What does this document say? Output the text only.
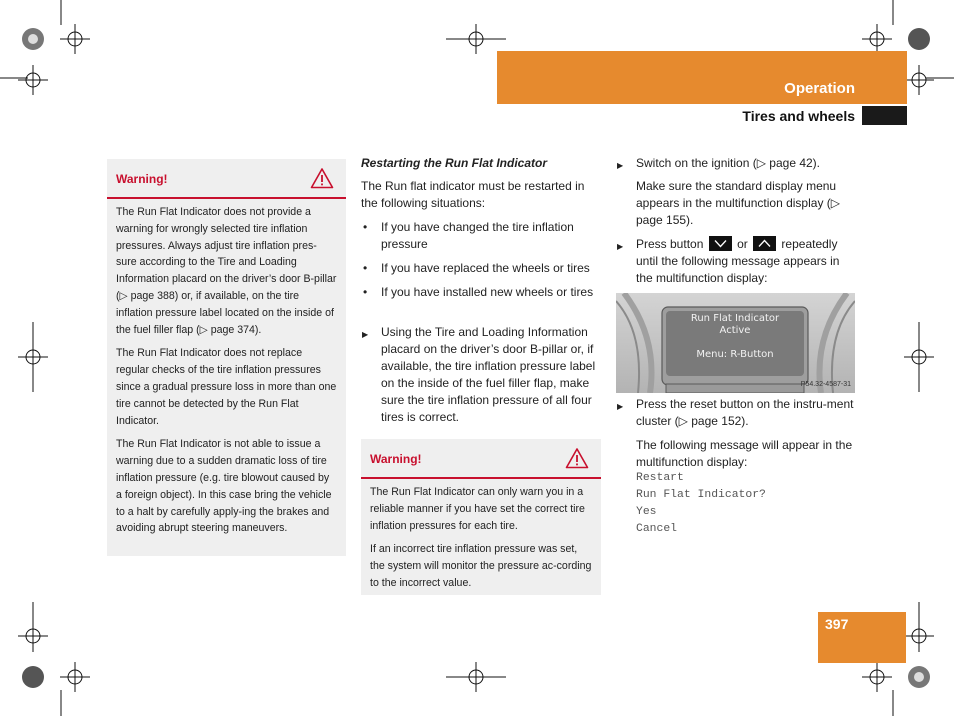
Operation
Tires and wheels
Warning!

The Run Flat Indicator does not provide a warning for wrongly selected tire inflation pressures. Always adjust tire inflation pres-sure according to the Tire and Loading Information placard on the driver’s door B-pillar (▷ page 388) or, if available, on the tire inflation pressure label located on the inside of the fuel filler flap (▷ page 374).

The Run Flat Indicator does not replace regular checks of the tire inflation pressures since a gradual pressure loss in more than one tire cannot be detected by the Run Flat Indicator.

The Run Flat Indicator is not able to issue a warning due to a sudden dramatic loss of tire inflation pressure (e.g. tire blowout caused by a foreign object). In this case bring the vehicle to a halt by carefully apply-ing the brakes and avoiding abrupt steering maneuvers.

Restarting the Run Flat Indicator
The Run flat indicator must be restarted in the following situations:
• If you have changed the tire inflation pressure
• If you have replaced the wheels or tires
• If you have installed new wheels or tires
▶ Using the Tire and Loading Information placard on the driver’s door B-pillar or, if available, the tire inflation pressure label on the inside of the fuel filler flap, make sure the tire inflation pressure of all four tires is correct.
Warning!

The Run Flat Indicator can only warn you in a reliable manner if you have set the correct tire inflation pressures for each tire.

If an incorrect tire inflation pressure was set, the system will monitor the pressure ac-cording to the incorrect value.

▶ Switch on the ignition (▷ page 42).
Make sure the standard display menu appears in the multifunction display (▷ page 155).
▶ Press button	or	repeatedly until the following message appears in the multifunction display:
Run Flat Indicator
Active
Menu: R-Button
P54.32-4587-31
▶ Press the reset button on the instru-ment cluster (▷ page 152).
The following message will appear in the multifunction display:
Restart
Run Flat Indicator?
Yes
Cancel
397
